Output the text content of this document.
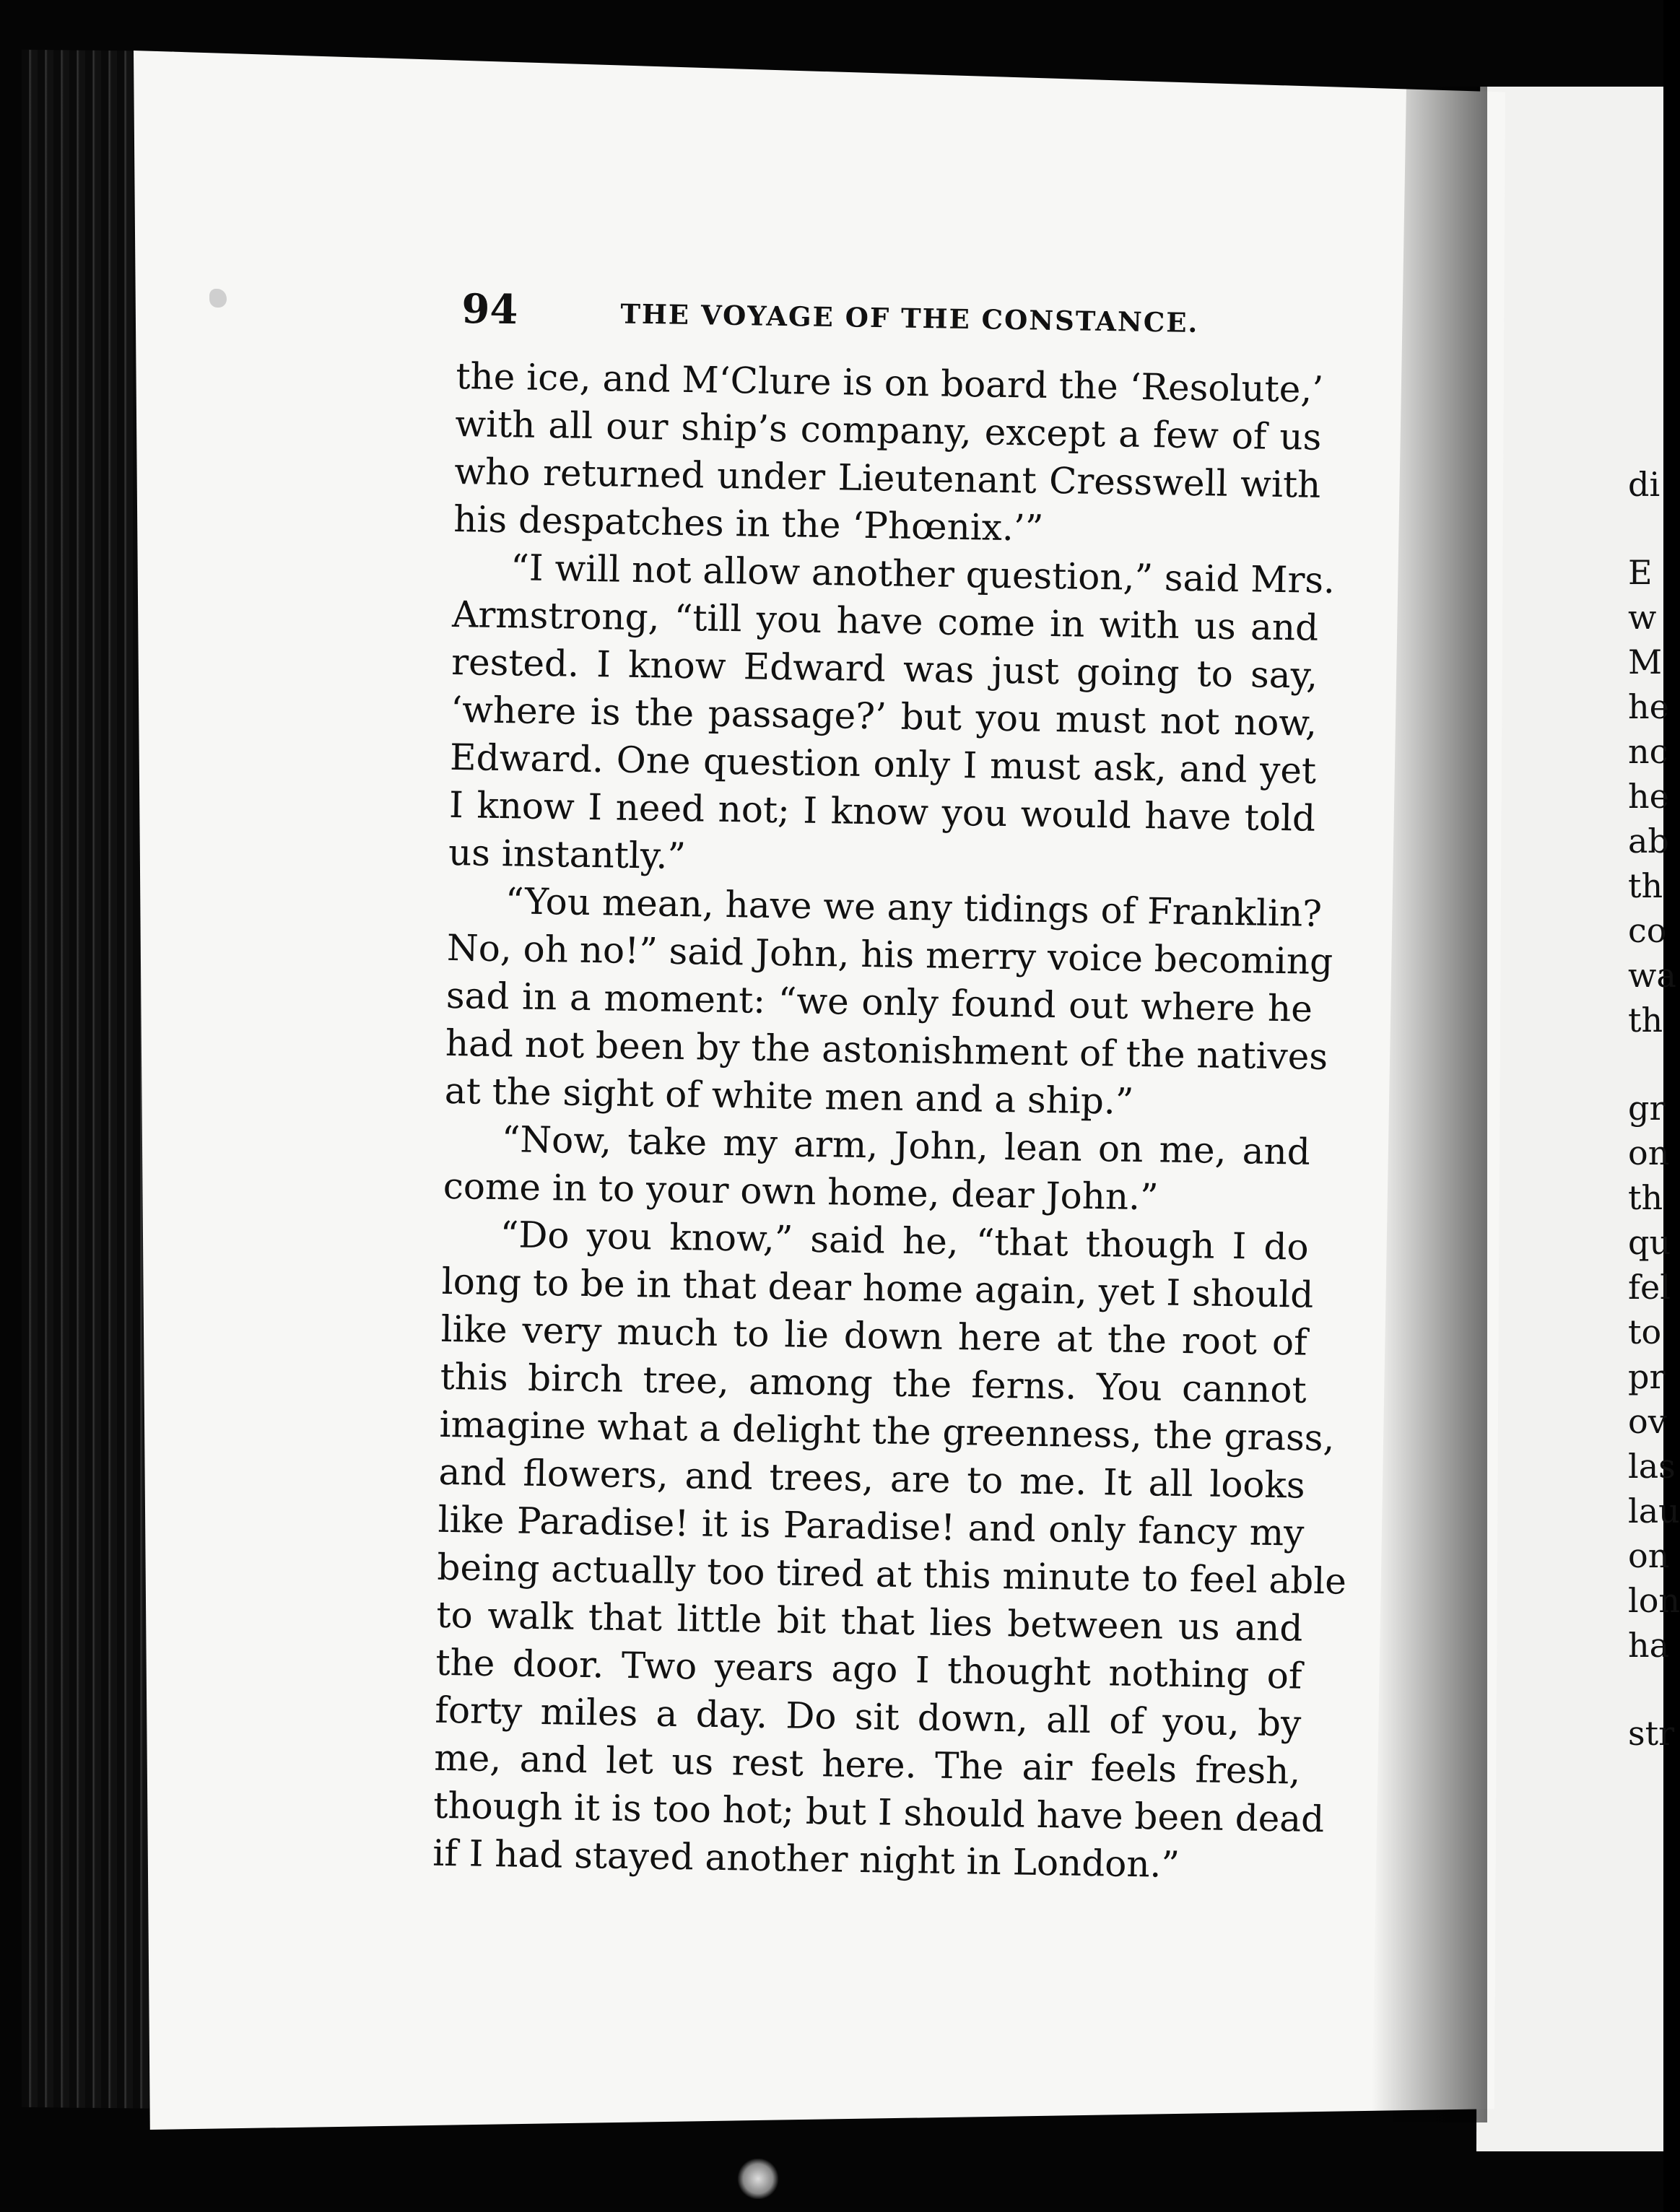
94	THE VOYAGE OF THE CONSTANCE.
the ice, and M‘Clure is on board the ‘Resolute,’
with all our ship’s company, except a few of us
who returned under Lieutenant Cresswell with
his despatches in the ‘Phœnix.’”
“I will not allow another question,” said Mrs.
Armstrong, “till you have come in with us and
rested. I know Edward was just going to say,
‘where is the passage?’ but you must not now,
Edward. One question only I must ask, and yet
I know I need not; I know you would have told
us instantly.”
“You mean, have we any tidings of Franklin?
No, oh no!” said John, his merry voice becoming
sad in a moment: “we only found out where he
had not been by the astonishment of the natives
at the sight of white men and a ship.”
“Now, take my arm, John, lean on me, and
come in to your own home, dear John.”
“Do you know,” said he, “that though I do
long to be in that dear home again, yet I should
like very much to lie down here at the root of
this birch tree, among the ferns. You cannot
imagine what a delight the greenness, the grass,
and flowers, and trees, are to me. It all looks
like Paradise! it is Paradise! and only fancy my
being actually too tired at this minute to feel able
to walk that little bit that lies between us and
the door. Two years ago I thought nothing of
forty miles a day. Do sit down, all of you, by
me, and let us rest here. The air feels fresh,
though it is too hot; but I should have been dead
if I had stayed another night in London.”
di
E
w
M
he
nc
he
ab
th
co
wa
th
gr
on
th
qu
fel
to
pr
ov
las
lau
on
lon
ha
str
